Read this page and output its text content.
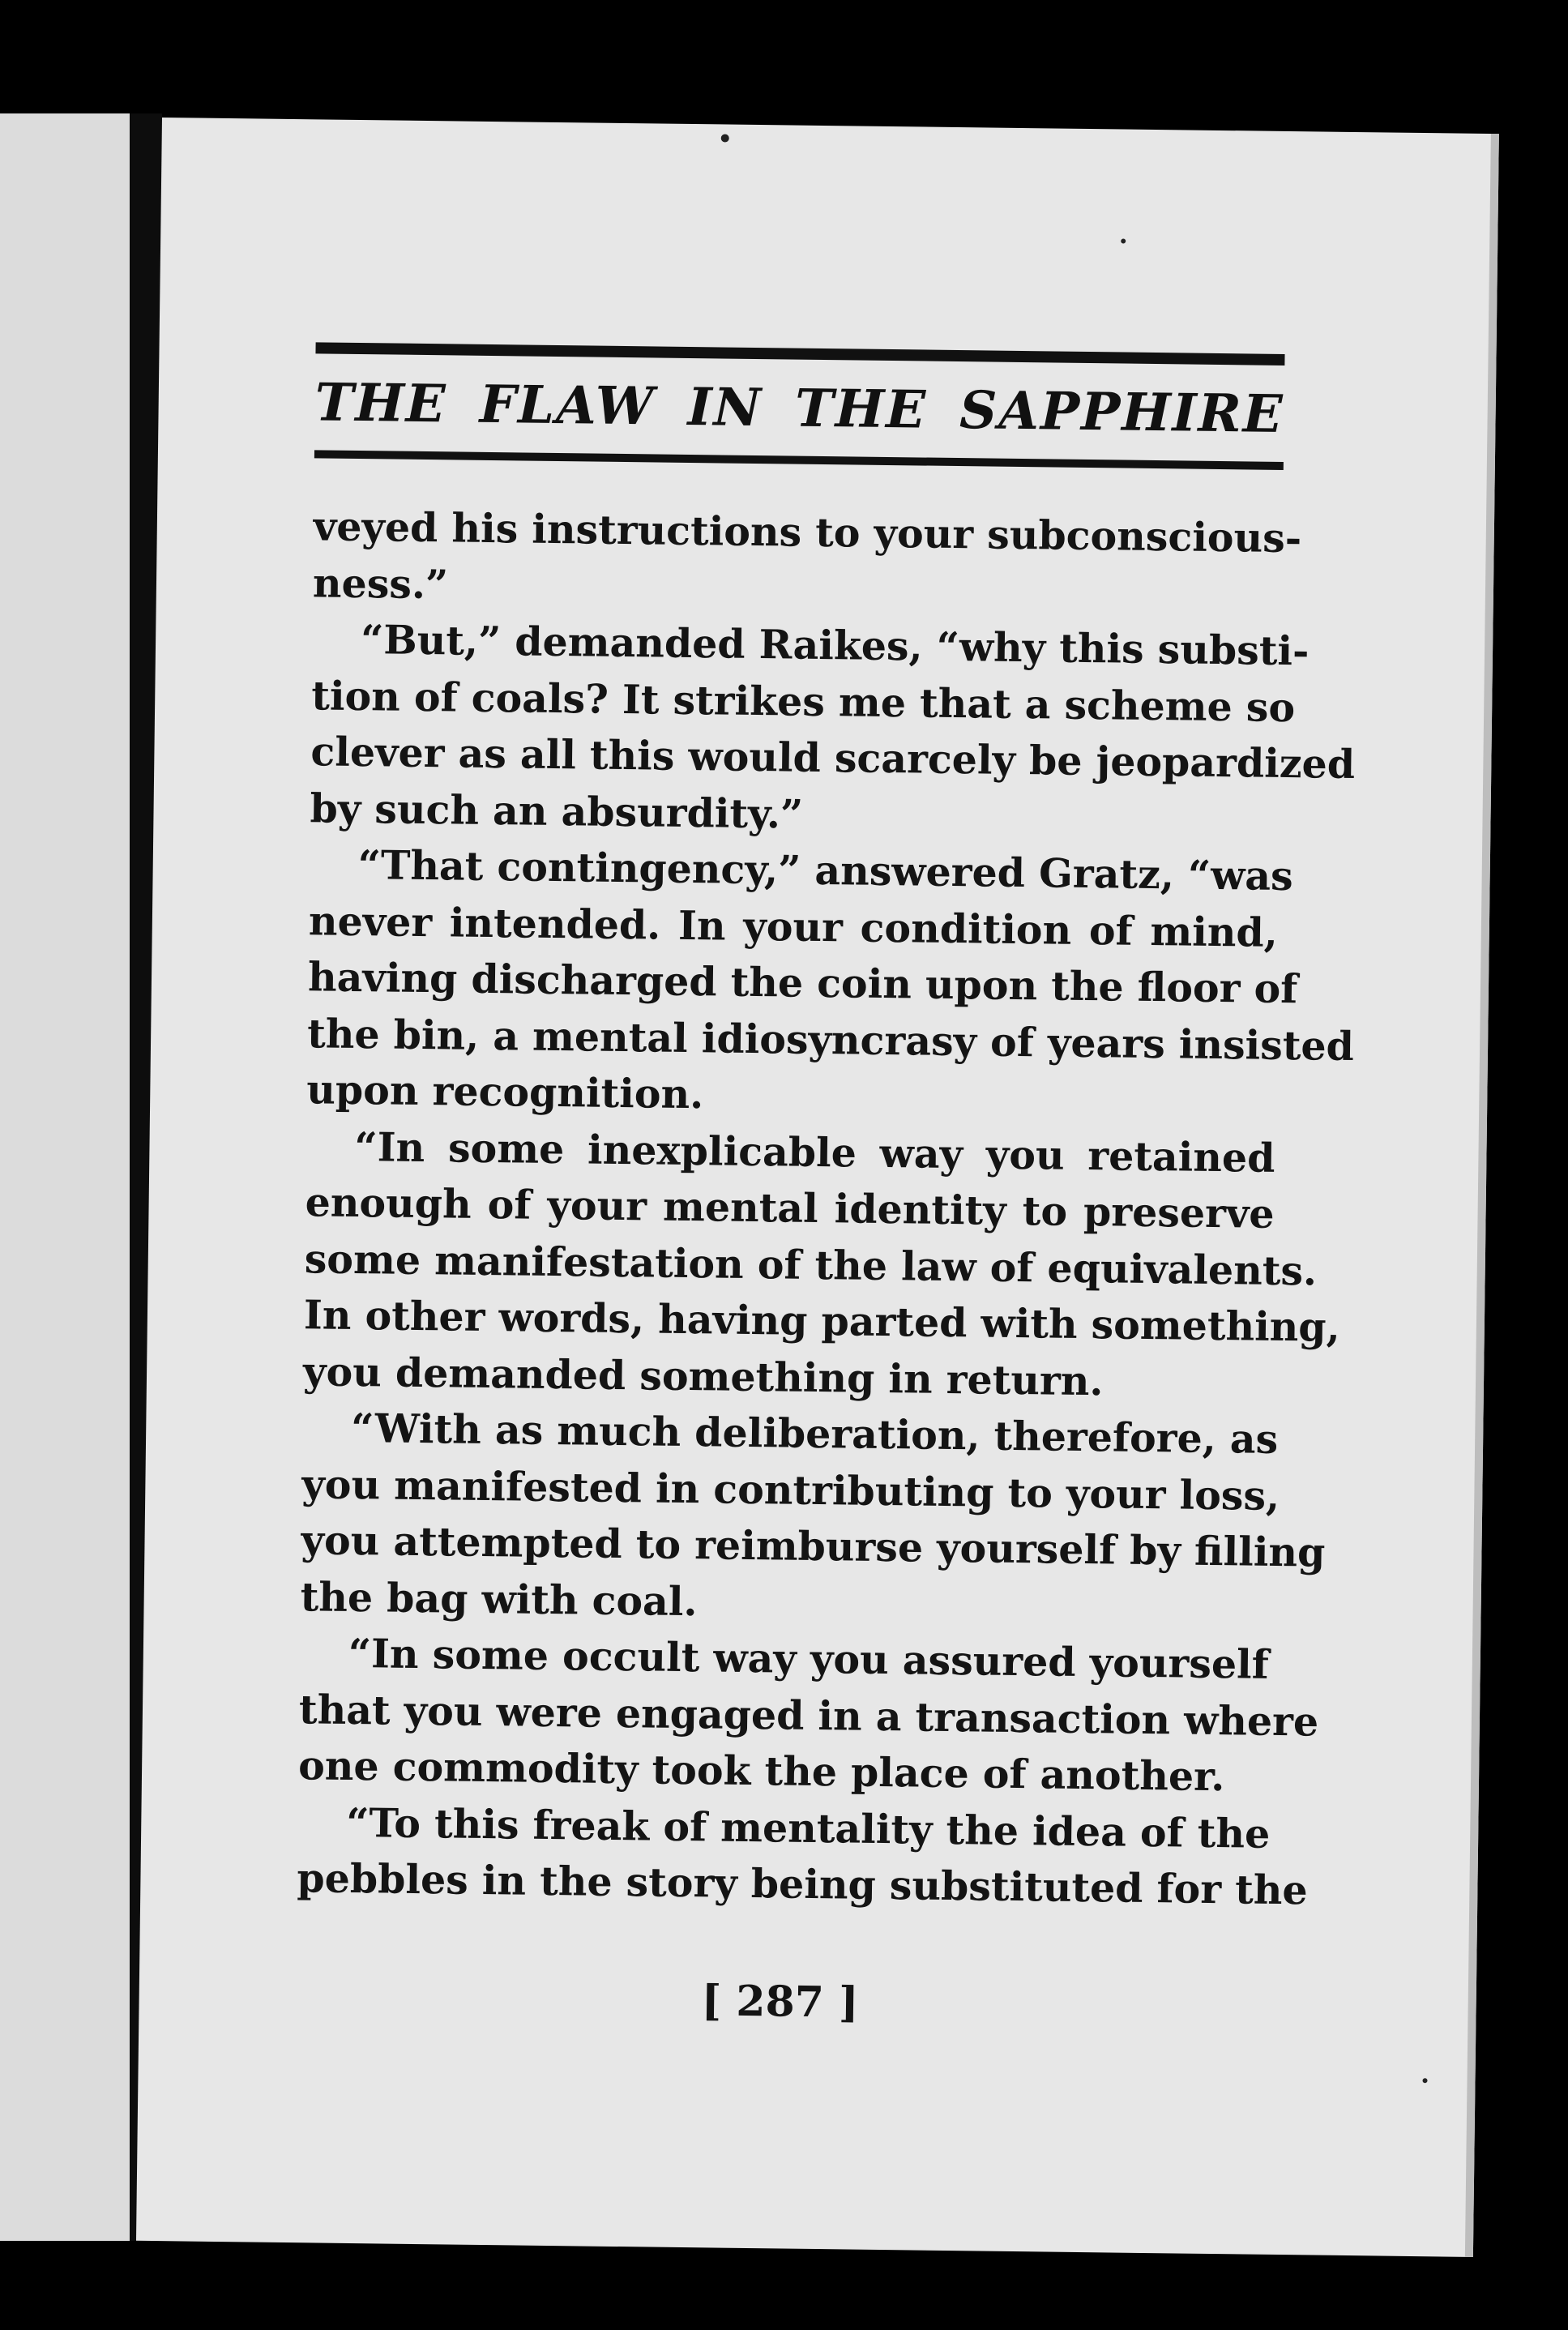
THE FLAW IN THE SAPPHIRE
veyed his instructions to your subconscious-
ness.”
“But,” demanded Raikes, “why this substi-
tion of coals? It strikes me that a scheme so
clever as all this would scarcely be jeopardized
by such an absurdity.”
“That contingency,” answered Gratz, “was
never intended. In your condition of mind,
having discharged the coin upon the floor of
the bin, a mental idiosyncrasy of years insisted
upon recognition.
“In some inexplicable way you retained
enough of your mental identity to preserve
some manifestation of the law of equivalents.
In other words, having parted with something,
you demanded something in return.
“With as much deliberation, therefore, as
you manifested in contributing to your loss,
you attempted to reimburse yourself by filling
the bag with coal.
“In some occult way you assured yourself
that you were engaged in a transaction where
one commodity took the place of another.
“To this freak of mentality the idea of the
pebbles in the story being substituted for the
[ 287 ]
